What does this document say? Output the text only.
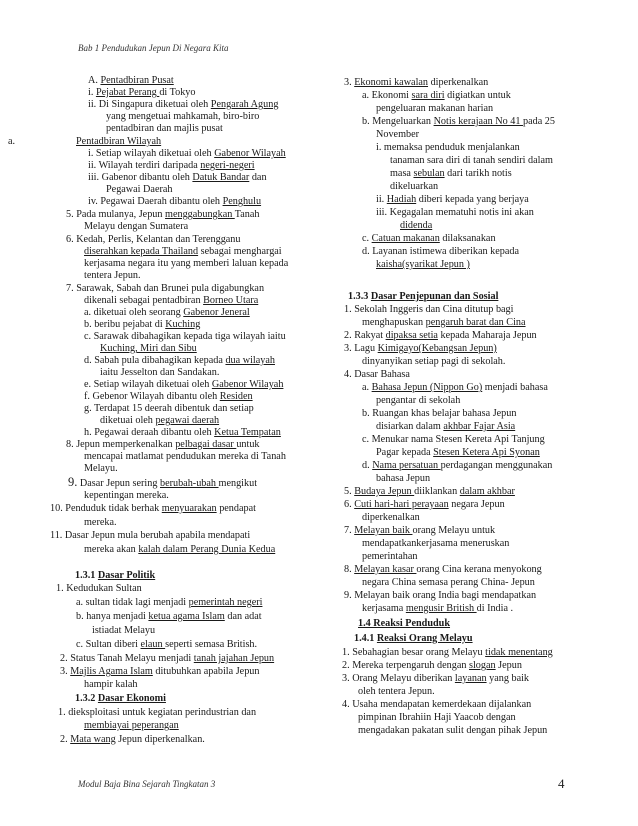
Bab 1 Pendudukan Jepun Di Negara Kita
A. Pentadbiran Pusat
i. Pejabat Perang di Tokyo
ii. Di Singapura diketuai oleh Pengarah Agung
yang mengetuai mahkamah, biro-biro
pentadbiran dan majlis pusat
a.	Pentadbiran Wilayah
i. Setiap wilayah diketuai oleh Gabenor Wilayah
ii. Wilayah terdiri daripada negeri-negeri
iii. Gabenor dibantu oleh Datuk Bandar dan
Pegawai Daerah
iv. Pegawai Daerah dibantu oleh Penghulu
5. Pada mulanya, Jepun menggabungkan Tanah
Melayu dengan Sumatera
6. Kedah, Perlis, Kelantan dan Terengganu
diserahkan kepada Thailand sebagai menghargai
kerjasama negara itu yang memberi laluan kepada
tentera Jepun.
7. Sarawak, Sabah dan Brunei pula digabungkan
dikenali sebagai pentadbiran Borneo Utara
a. diketuai oleh seorang Gabenor Jeneral
b. beribu pejabat di Kuching
c. Sarawak dibahagikan kepada tiga wilayah iaitu
Kuching, Miri dan Sibu
d. Sabah pula dibahagikan kepada dua wilayah
iaitu Jesselton dan Sandakan.
e. Setiap wilayah diketuai oleh Gabenor Wilayah
f. Gebenor Wilayah dibantu oleh Residen
g. Terdapat 15 deerah dibentuk dan setiap
diketuai oleh pegawai daerah
h. Pegawai deraah dibantu oleh Ketua Tempatan
8. Jepun memperkenalkan pelbagai dasar untuk
mencapai matlamat pendudukan mereka di Tanah
Melayu.
9. Dasar Jepun sering berubah-ubah mengikut
kepentingan mereka.
10. Penduduk tidak berhak menyuarakan pendapat
mereka.
11. Dasar Jepun mula berubah apabila mendapati
mereka akan kalah dalam Perang Dunia Kedua
1.3.1 Dasar Politik
1. Kedudukan Sultan
a. sultan tidak lagi menjadi pemerintah negeri
b. hanya menjadi ketua agama Islam dan adat
istiadat Melayu
c. Sultan diberi elaun seperti semasa British.
2. Status Tanah Melayu menjadi tanah jajahan Jepun
3. Majlis Agama Islam ditubuhkan apabila Jepun
hampir kalah
1.3.2 Dasar Ekonomi
1. dieksploitasi untuk kegiatan perindustrian dan
membiayai peperangan
2. Mata wang Jepun diperkenalkan.
3. Ekonomi kawalan diperkenalkan
a. Ekonomi sara diri digiatkan untuk
pengeluaran makanan harian
b. Mengeluarkan Notis kerajaan No 41 pada 25
November
i. memaksa penduduk menjalankan
tanaman sara diri di tanah sendiri dalam
masa sebulan dari tarikh notis
dikeluarkan
ii. Hadiah diberi kepada yang berjaya
iii. Kegagalan mematuhi notis ini akan
didenda
c. Catuan makanan dilaksanakan
d. Layanan istimewa diberikan kepada
kaisha(syarikat Jepun )
1.3.3 Dasar Penjepunan dan Sosial
1. Sekolah Inggeris dan Cina ditutup bagi
menghapuskan pengaruh barat dan Cina
2. Rakyat dipaksa setia kepada Maharaja Jepun
3. Lagu Kimigayo(Kebangsan Jepun)
dinyanyikan setiap pagi di sekolah.
4. Dasar Bahasa
a. Bahasa Jepun (Nippon Go) menjadi bahasa
pengantar di sekolah
b. Ruangan khas belajar bahasa Jepun
disiarkan dalam akhbar Fajar Asia
c. Menukar nama Stesen Kereta Api Tanjung
Pagar kepada Stesen Ketera Api Syonan
d. Nama persatuan perdagangan menggunakan
bahasa Jepun
5. Budaya Jepun diiklankan dalam akhbar
6. Cuti hari-hari perayaan negara Jepun
diperkenalkan
7. Melayan baik orang Melayu untuk
mendapatkankerjasama meneruskan
pemerintahan
8. Melayan kasar orang Cina kerana menyokong
negara China semasa perang China- Jepun
9. Melayan baik orang India bagi mendapatkan
kerjasama mengusir British di India .
1.4 Reaksi Penduduk
1.4.1 Reaksi Orang Melayu
1. Sebahagian besar orang Melayu tidak menentang
2. Mereka terpengaruh dengan slogan Jepun
3. Orang Melayu diberikan layanan yang baik
oleh tentera Jepun.
4. Usaha mendapatan kemerdekaan dijalankan
pimpinan Ibrahiin Haji Yaacob dengan
mengadakan pakatan sulit dengan pihak Jepun
Modul Baja Bina Sejarah Tingkatan 3	4
